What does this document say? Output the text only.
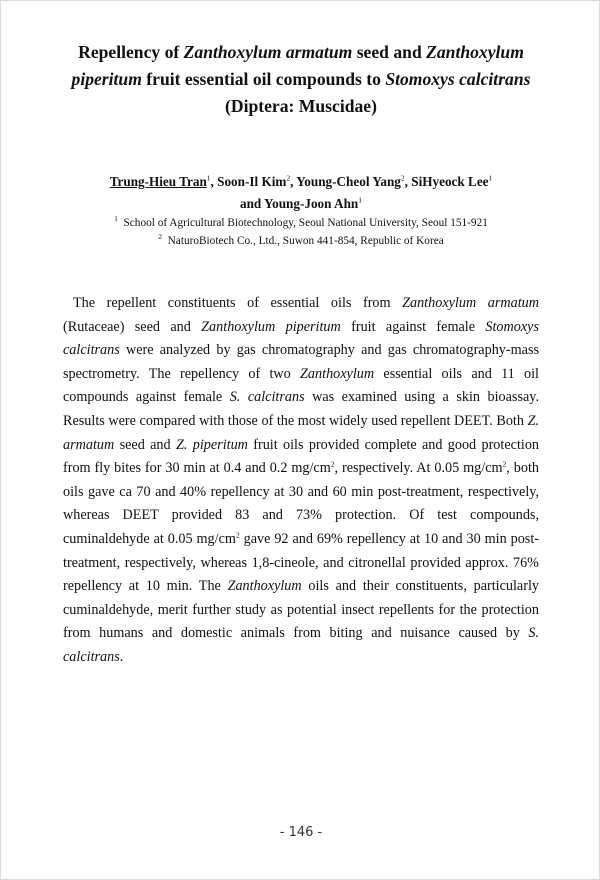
Repellency of Zanthoxylum armatum seed and Zanthoxylum piperitum fruit essential oil compounds to Stomoxys calcitrans
(Diptera: Muscidae)
Trung-Hieu Tran$^1$, Soon-Il Kim$^2$, Young-Cheol Yang$^2$, SiHyeock Lee$^1$
and Young-Joon Ahn$^1$
$^1$ School of Agricultural Biotechnology, Seoul National University, Seoul 151-921
$^2$ NaturoBiotech Co., Ltd., Suwon 441-854, Republic of Korea

The repellent constituents of essential oils from Zanthoxylum armatum (Rutaceae) seed and Zanthoxylum piperitum fruit against female Stomoxys calcitrans were analyzed by gas chromatography and gas chromatography-mass spectrometry. The repellency of two Zanthoxylum essential oils and 11 oil compounds against female S. calcitrans was examined using a skin bioassay. Results were compared with those of the most widely used repellent DEET. Both Z. armatum seed and Z. piperitum fruit oils provided complete and good protection from fly bites for 30 min at 0.4 and 0.2 $mg/cm^2$, respectively. At 0.05 $mg/cm^2$, both oils gave ca 70 and 40% repellency at 30 and 60 min post-treatment, respectively, whereas DEET provided 83 and 73% protection. Of test compounds, cuminaldehyde at 0.05 $mg/cm^2$ gave 92 and 69% repellency at 10 and 30 min post-treatment, respectively, whereas 1,8-cineole, and citronellal provided approx. 76% repellency at 10 min. The Zanthoxylum oils and their constituents, particularly cuminaldehyde, merit further study as potential insect repellents for the protection from humans and domestic animals from biting and nuisance caused by S. calcitrans.

- 146 -
